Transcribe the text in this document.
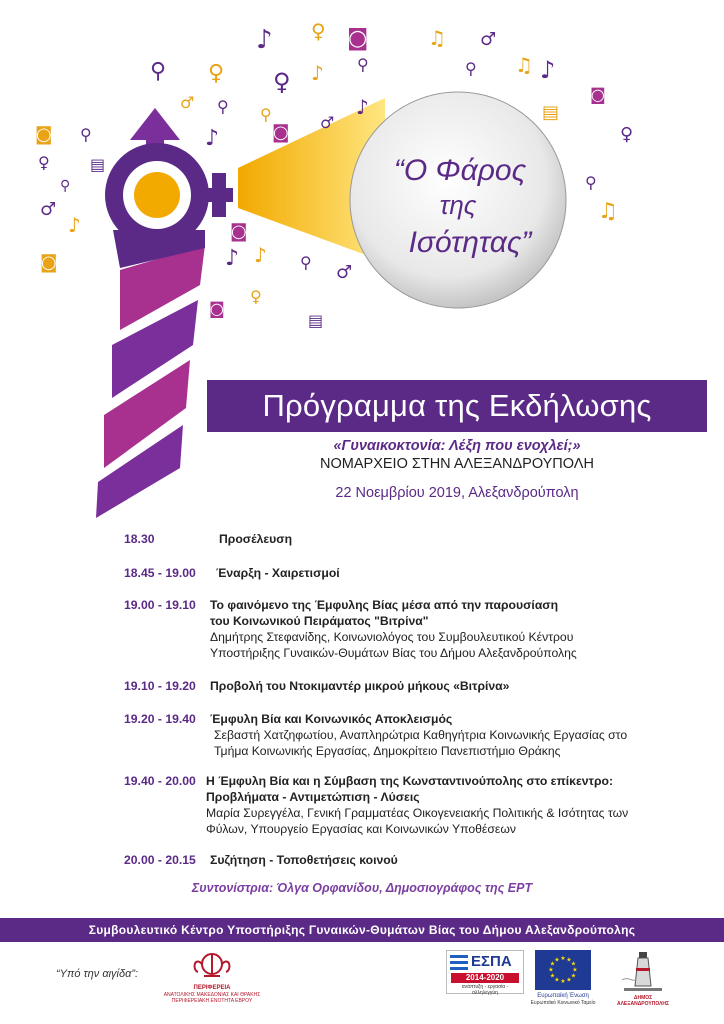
♪ ♀ ◙	♫ ♂
⚲ ♀ ♀ ♪ ⚲	⚲ ♫ ♪
♂ ⚲ ⚲	♂
♪	▤
◙
◙ ⚲	♪	◙	♀
♀	▤
⚲	⚲
♂
♪	◙
♫
◙	♪ ♪ ⚲ ♂
♀
▤
◙
“Ο Φάρος
της
Ισότητας”
Πρόγραμμα της Εκδήλωσης
«Γυναικοκτονία: Λέξη που ενοχλεί;»
ΝΟΜΑΡΧΕΙΟ ΣΤΗΝ ΑΛΕΞΑΝΔΡΟΥΠΟΛΗ
22 Νοεμβρίου 2019, Αλεξανδρούπολη
18.30	Προσέλευση
18.45 - 19.00	Έναρξη - Χαιρετισμοί
19.00 - 19.10	Το φαινόμενο της Έμφυλης Βίας μέσα από την παρουσίαση
του Κοινωνικού Πειράματος "Βιτρίνα"
Δημήτρης Στεφανίδης, Κοινωνιολόγος του Συμβουλευτικού Κέντρου
Υποστήριξης Γυναικών-Θυμάτων Βίας του Δήμου Αλεξανδρούπολης
19.10 - 19.20	Προβολή του Ντοκιμαντέρ μικρού μήκους «Βιτρίνα»
19.20 - 19.40	Έμφυλη Βία και Κοινωνικός Αποκλεισμός
Σεβαστή Χατζηφωτίου, Αναπληρώτρια Καθηγήτρια Κοινωνικής Εργασίας στο
Τμήμα Κοινωνικής Εργασίας, Δημοκρίτειο Πανεπιστήμιο Θράκης
19.40 - 20.00 Η Έμφυλη Βία και η Σύμβαση της Κωνσταντινούπολης στο επίκεντρο:
Προβλήματα - Αντιμετώπιση - Λύσεις
Μαρία Συρεγγέλα, Γενική Γραμματέας Οικογενειακής Πολιτικής & Ισότητας των
Φύλων, Υπουργείο Εργασίας και Κοινωνικών Υποθέσεων
20.00 - 20.15	Συζήτηση - Τοποθετήσεις κοινού
Συντονίστρια: Όλγα Ορφανίδου, Δημοσιογράφος της ΕΡΤ
Συμβουλευτικό Κέντρο Υποστήριξης Γυναικών-Θυμάτων Βίας του Δήμου Αλεξανδρούπολης
“Υπό την αιγίδα”:
ΠΕΡΙΦΕΡΕΙΑ
ΑΝΑΤΟΛΙΚΗΣ ΜΑΚΕΔΟΝΙΑΣ ΚΑΙ ΘΡΑΚΗΣ
ΠΕΡΙΦΕΡΕΙΑΚΗ ΕΝΟΤΗΤΑ ΕΒΡΟΥ
ΕΣΠΑ
2014-2020
ανάπτυξη - εργασία - αλληλεγγύη
★ ★
★
★
★
★
★
★
★
★
★
★
Ευρωπαϊκή Ένωση
Ευρωπαϊκό Κοινωνικό Ταμείο
ΔΗΜΟΣ ΑΛΕΞΑΝΔΡΟΥΠΟΛΗΣ
